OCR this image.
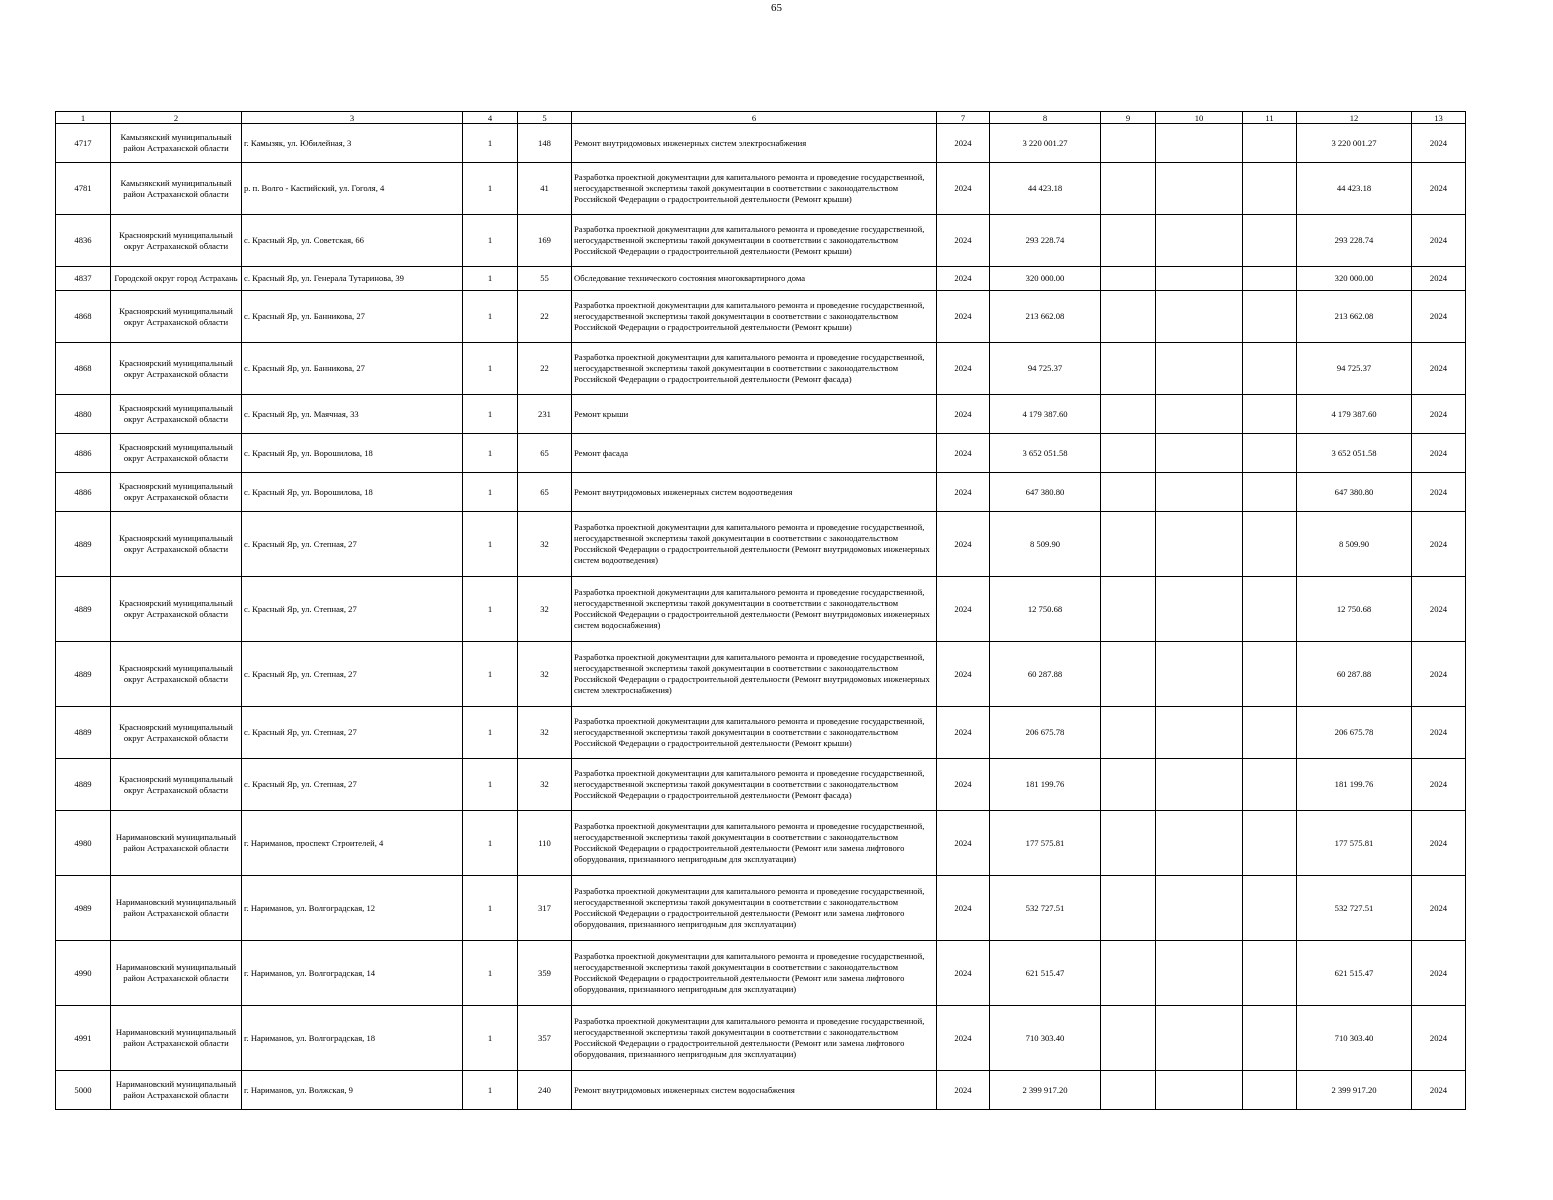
65
1	2	3	4	5	6	7	8	9	10	11	12	13
4717	Камызякский муниципальный район Астраханской области	г. Камызяк, ул. Юбилейная, 3	1	148	Ремонт внутридомовых инженерных систем электроснабжения	2024	3 220 001.27				3 220 001.27	2024
4781	Камызякский муниципальный район Астраханской области	р. п. Волго - Каспийский, ул. Гоголя, 4	1	41	Разработка проектной документации для капитального ремонта и проведение государственной, негосударственной экспертизы такой документации в соответствии с законодательством Российской Федерации о градостроительной деятельности (Ремонт крыши)	2024	44 423.18				44 423.18	2024
4836	Красноярский муниципальный округ Астраханской области	с. Красный Яр, ул. Советская, 66	1	169	Разработка проектной документации для капитального ремонта и проведение государственной, негосударственной экспертизы такой документации в соответствии с законодательством Российской Федерации о градостроительной деятельности (Ремонт крыши)	2024	293 228.74				293 228.74	2024
4837	Городской округ город Астрахань	с. Красный Яр, ул. Генерала Тутаринова, 39	1	55	Обследование технического состояния многоквартирного дома	2024	320 000.00				320 000.00	2024
4868	Красноярский муниципальный округ Астраханской области	с. Красный Яр, ул. Банникова, 27	1	22	Разработка проектной документации для капитального ремонта и проведение государственной, негосударственной экспертизы такой документации в соответствии с законодательством Российской Федерации о градостроительной деятельности (Ремонт крыши)	2024	213 662.08				213 662.08	2024
4868	Красноярский муниципальный округ Астраханской области	с. Красный Яр, ул. Банникова, 27	1	22	Разработка проектной документации для капитального ремонта и проведение государственной, негосударственной экспертизы такой документации в соответствии с законодательством Российской Федерации о градостроительной деятельности (Ремонт фасада)	2024	94 725.37				94 725.37	2024
4880	Красноярский муниципальный округ Астраханской области	с. Красный Яр, ул. Маячная, 33	1	231	Ремонт крыши	2024	4 179 387.60				4 179 387.60	2024
4886	Красноярский муниципальный округ Астраханской области	с. Красный Яр, ул. Ворошилова, 18	1	65	Ремонт фасада	2024	3 652 051.58				3 652 051.58	2024
4886	Красноярский муниципальный округ Астраханской области	с. Красный Яр, ул. Ворошилова, 18	1	65	Ремонт внутридомовых инженерных систем водоотведения	2024	647 380.80				647 380.80	2024
4889	Красноярский муниципальный округ Астраханской области	с. Красный Яр, ул. Степная, 27	1	32	Разработка проектной документации для капитального ремонта и проведение государственной, негосударственной экспертизы такой документации в соответствии с законодательством Российской Федерации о градостроительной деятельности (Ремонт внутридомовых инженерных систем водоотведения)	2024	8 509.90				8 509.90	2024
4889	Красноярский муниципальный округ Астраханской области	с. Красный Яр, ул. Степная, 27	1	32	Разработка проектной документации для капитального ремонта и проведение государственной, негосударственной экспертизы такой документации в соответствии с законодательством Российской Федерации о градостроительной деятельности (Ремонт внутридомовых инженерных систем водоснабжения)	2024	12 750.68				12 750.68	2024
4889	Красноярский муниципальный округ Астраханской области	с. Красный Яр, ул. Степная, 27	1	32	Разработка проектной документации для капитального ремонта и проведение государственной, негосударственной экспертизы такой документации в соответствии с законодательством Российской Федерации о градостроительной деятельности (Ремонт внутридомовых инженерных систем электроснабжения)	2024	60 287.88				60 287.88	2024
4889	Красноярский муниципальный округ Астраханской области	с. Красный Яр, ул. Степная, 27	1	32	Разработка проектной документации для капитального ремонта и проведение государственной, негосударственной экспертизы такой документации в соответствии с законодательством Российской Федерации о градостроительной деятельности (Ремонт крыши)	2024	206 675.78				206 675.78	2024
4889	Красноярский муниципальный округ Астраханской области	с. Красный Яр, ул. Степная, 27	1	32	Разработка проектной документации для капитального ремонта и проведение государственной, негосударственной экспертизы такой документации в соответствии с законодательством Российской Федерации о градостроительной деятельности (Ремонт фасада)	2024	181 199.76				181 199.76	2024
4980	Наримановский муниципальный район Астраханской области	г. Нариманов, проспект Строителей, 4	1	110	Разработка проектной документации для капитального ремонта и проведение государственной, негосударственной экспертизы такой документации в соответствии с законодательством Российской Федерации о градостроительной деятельности (Ремонт или замена лифтового оборудования, признанного непригодным для эксплуатации)	2024	177 575.81				177 575.81	2024
4989	Наримановский муниципальный район Астраханской области	г. Нариманов, ул. Волгоградская, 12	1	317	Разработка проектной документации для капитального ремонта и проведение государственной, негосударственной экспертизы такой документации в соответствии с законодательством Российской Федерации о градостроительной деятельности (Ремонт или замена лифтового оборудования, признанного непригодным для эксплуатации)	2024	532 727.51				532 727.51	2024
4990	Наримановский муниципальный район Астраханской области	г. Нариманов, ул. Волгоградская, 14	1	359	Разработка проектной документации для капитального ремонта и проведение государственной, негосударственной экспертизы такой документации в соответствии с законодательством Российской Федерации о градостроительной деятельности (Ремонт или замена лифтового оборудования, признанного непригодным для эксплуатации)	2024	621 515.47				621 515.47	2024
4991	Наримановский муниципальный район Астраханской области	г. Нариманов, ул. Волгоградская, 18	1	357	Разработка проектной документации для капитального ремонта и проведение государственной, негосударственной экспертизы такой документации в соответствии с законодательством Российской Федерации о градостроительной деятельности (Ремонт или замена лифтового оборудования, признанного непригодным для эксплуатации)	2024	710 303.40				710 303.40	2024
5000	Наримановский муниципальный район Астраханской области	г. Нариманов, ул. Волжская, 9	1	240	Ремонт внутридомовых инженерных систем водоснабжения	2024	2 399 917.20				2 399 917.20	2024
